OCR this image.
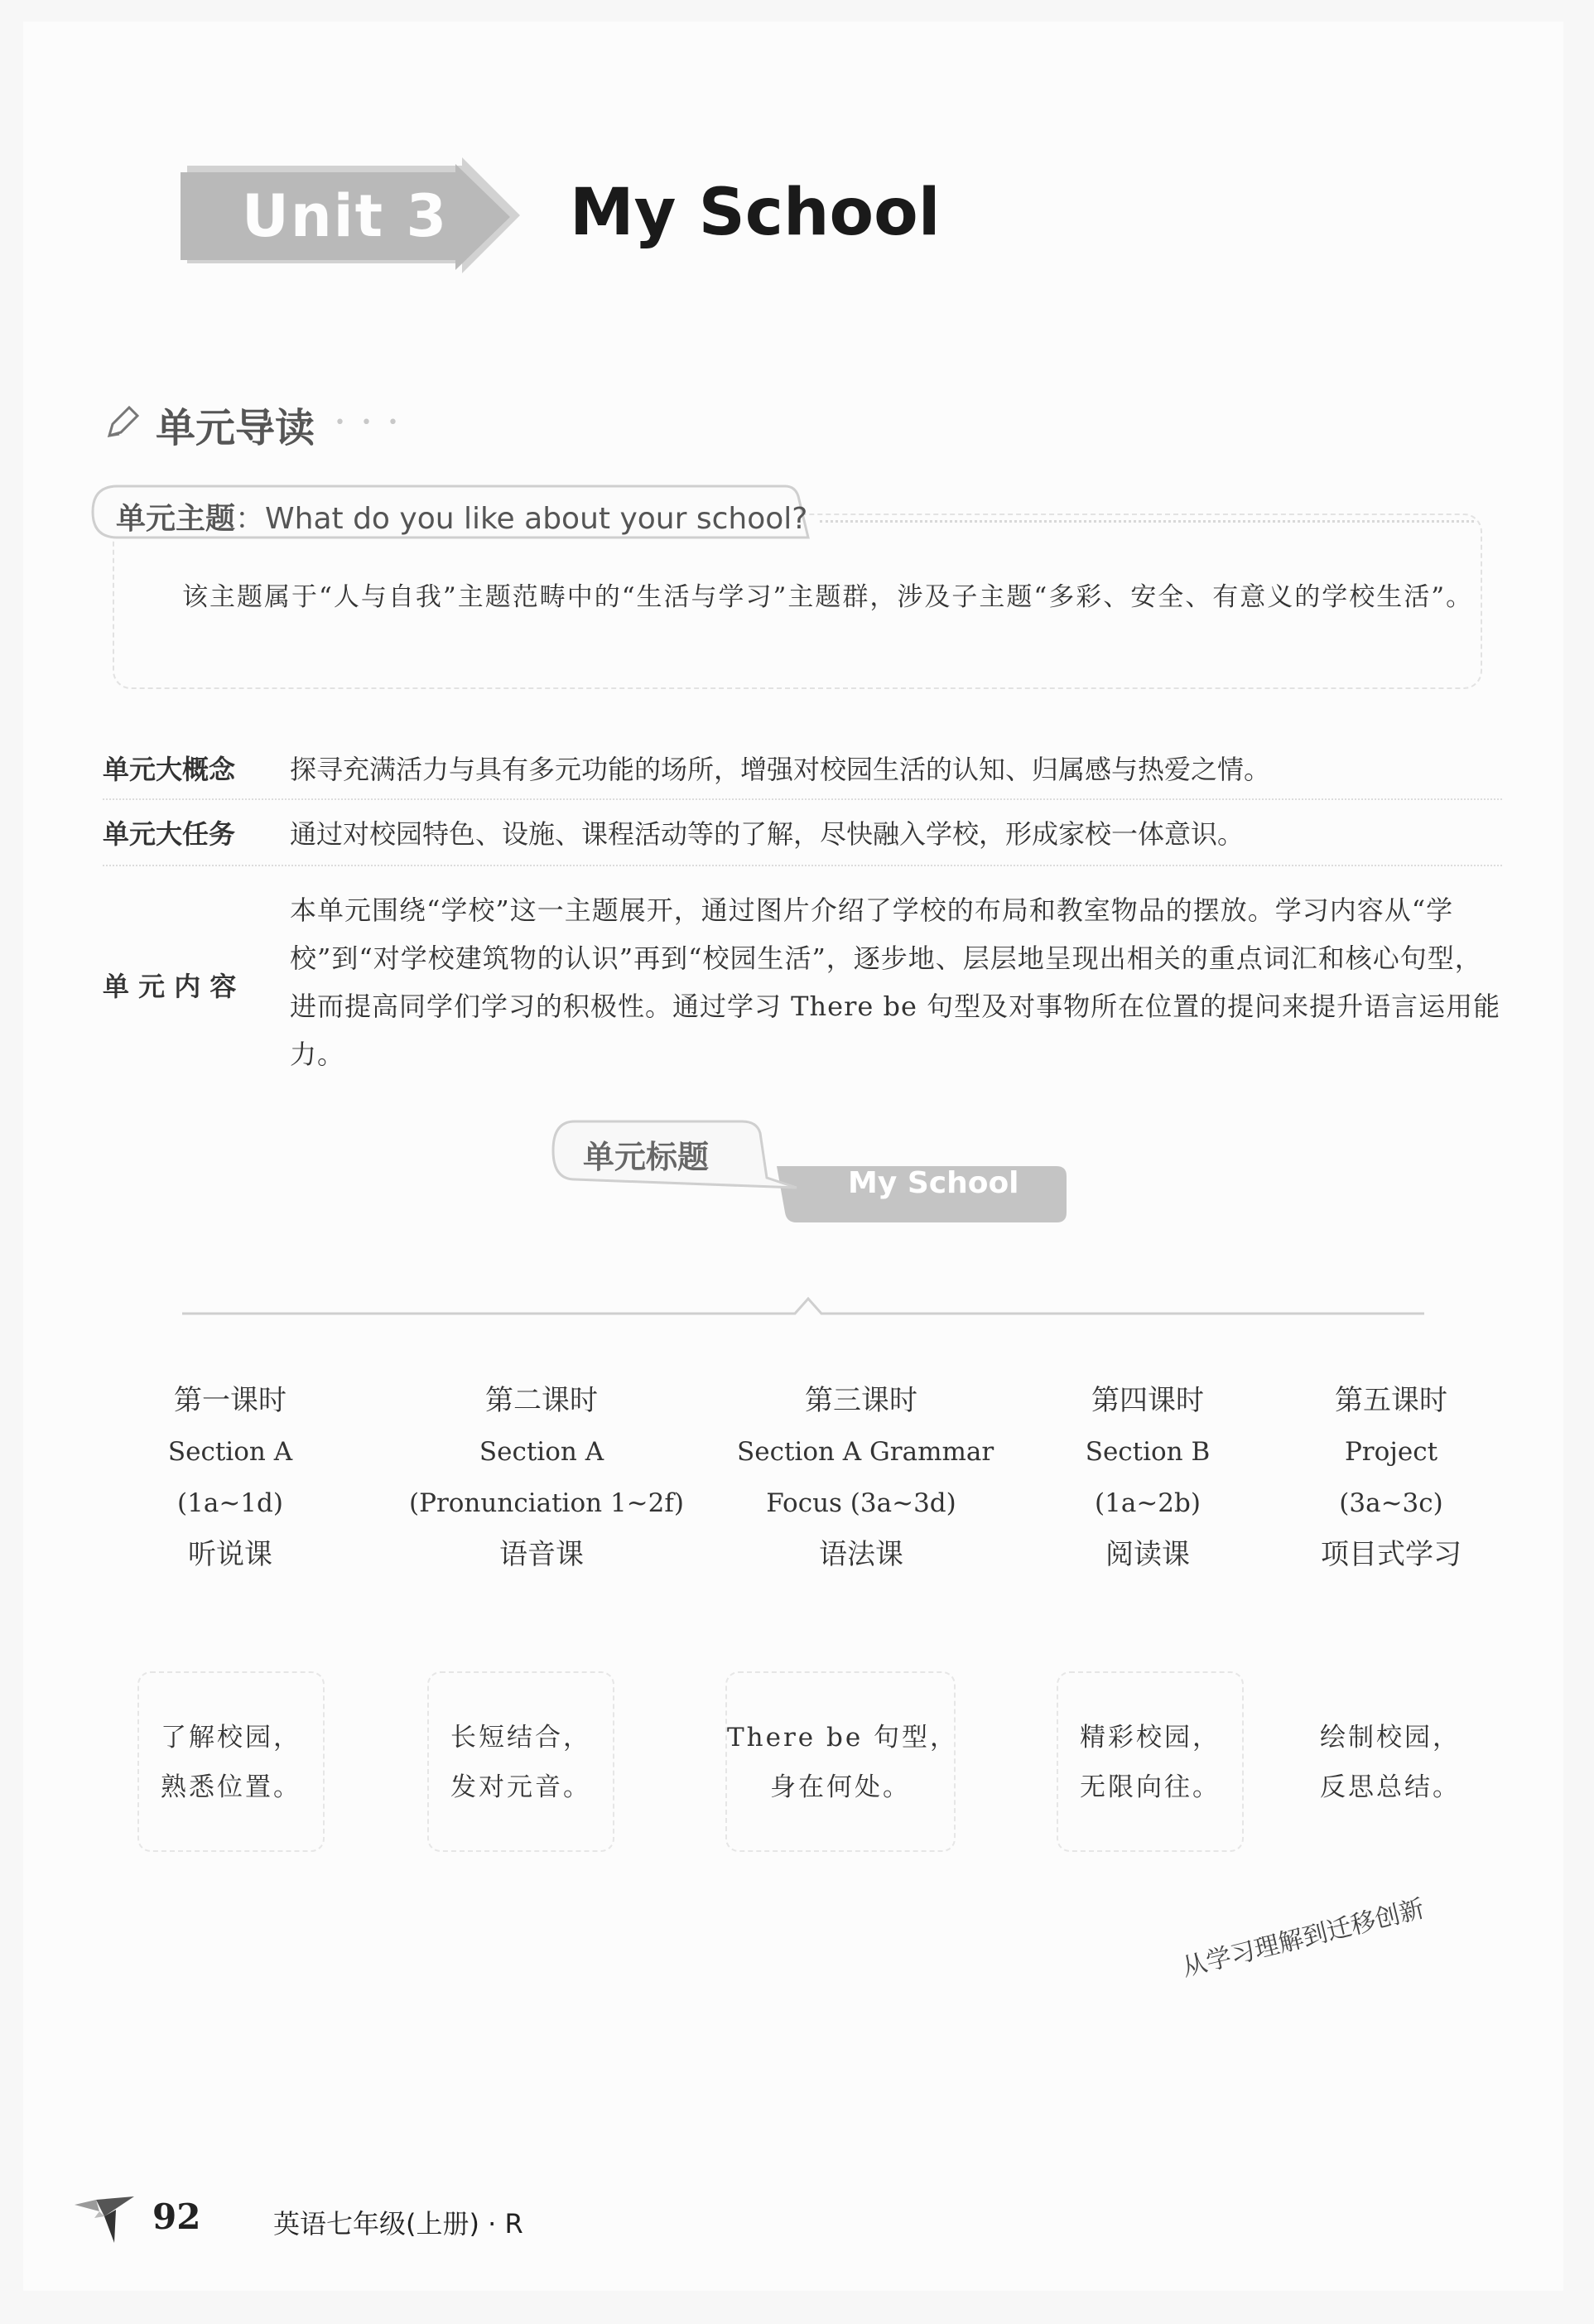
Unit 3 My School
单元导读 • • •
单元主题：What do you like about your school?
该主题属于“人与自我”主题范畴中的“生活与学习”主题群，涉及子主题“多彩、安全、有意义的学校生活”。
单元大概念 探寻充满活力与具有多元功能的场所，增强对校园生活的认知、归属感与热爱之情。
单元大任务 通过对校园特色、设施、课程活动等的了解，尽快融入学校，形成家校一体意识。
单 元 内 容
本单元围绕“学校”这一主题展开，通过图片介绍了学校的布局和教室物品的摆放。学习内容从“学校”到“对学校建筑物的认识”再到“校园生活”，逐步地、层层地呈现出相关的重点词汇和核心句型，进而提高同学们学习的积极性。通过学习 There be 句型及对事物所在位置的提问来提升语言运用能力。
单元标题
My School
第一课时
Section A
(1a~1d)
听说课
第二课时
Section A
(Pronunciation 1~2f)
语音课
第三课时
Section A Grammar
Focus (3a~3d)
语法课
第四课时
Section B
(1a~2b)
阅读课
第五课时
Project
(3a~3c)
项目式学习
了解校园，
熟悉位置。
长短结合，
发对元音。
There be 句型，
身在何处。
精彩校园，
无限向往。
绘制校园，
反思总结。
从学习理解到迁移创新
92	英语七年级(上册) · R
